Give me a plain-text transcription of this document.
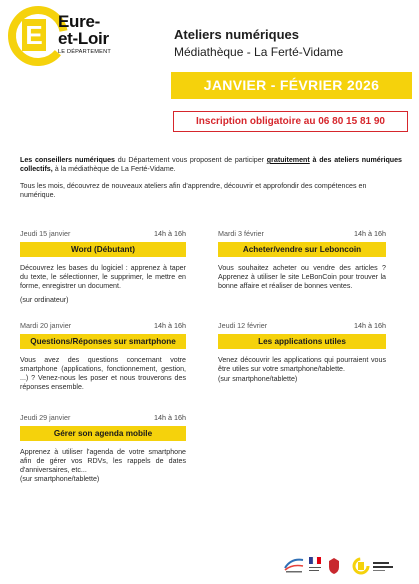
E Eure-
et-Loir
LE DÉPARTEMENT
Ateliers numériques
Médiathèque - La Ferté-Vidame
JANVIER - FÉVRIER 2026
Inscription obligatoire au 06 80 15 81 90
Les conseillers numériques du Département vous proposent de participer gratuitement à des ateliers numériques collectifs, à la médiathèque de La Ferté-Vidame.
Tous les mois, découvrez de nouveaux ateliers afin d'apprendre, découvrir et approfondir des compétences en numérique.
Jeudi 15 janvier	14h à 16h
Word (Débutant)
Découvrez les bases du logiciel : apprenez à taper du texte, le sélectionner, le supprimer, le mettre en forme, enregistrer un document.
(sur ordinateur)
Mardi 3 février	14h à 16h
Acheter/vendre sur Leboncoin
Vous souhaitez acheter ou vendre des articles ? Apprenez à utiliser le site LeBonCoin pour trouver la bonne affaire et réaliser de bonnes ventes.
Mardi 20 janvier	14h à 16h
Questions/Réponses sur smartphone
Vous avez des questions concernant votre smartphone (applications, fonctionnement, gestion, ...) ? Venez-nous les poser et nous trouverons des réponses ensemble.
Jeudi 12 février	14h à 16h
Les applications utiles
Venez découvrir les applications qui pourraient vous être utiles sur votre smartphone/tablette.
(sur smartphone/tablette)
Jeudi 29 janvier	14h à 16h
Gérer son agenda mobile
Apprenez à utiliser l'agenda de votre smartphone afin de gérer vos RDVs, les rappels de dates d'anniversaires, etc...
(sur smartphone/tablette)
